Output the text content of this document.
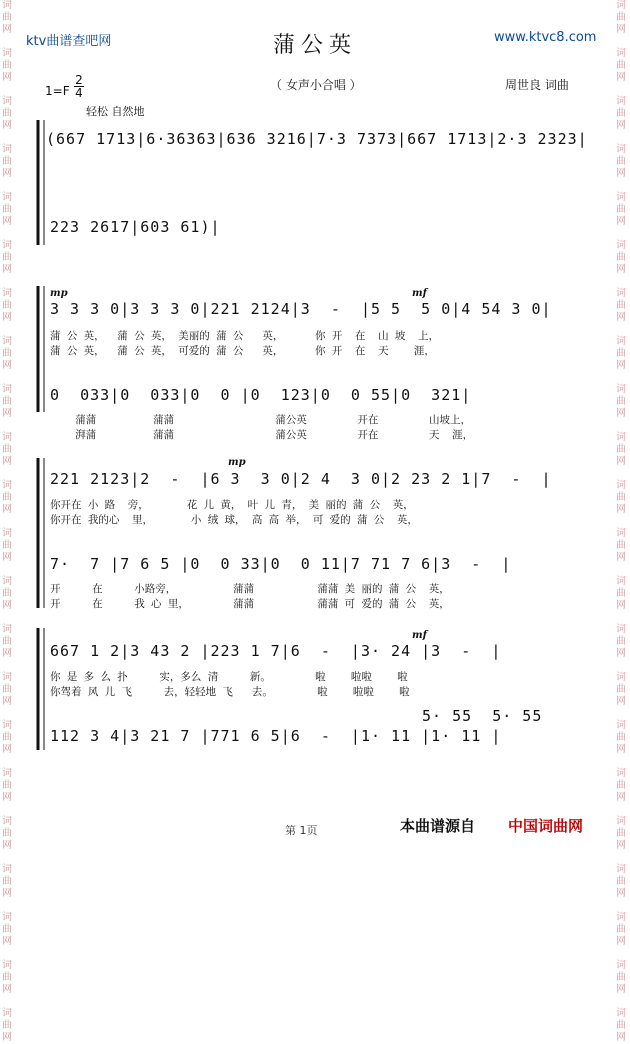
词
曲
网

词
曲
网

词
曲
网

词
曲
网

词
曲
网

词
曲
网

词
曲
网

词
曲
网

词
曲
网

词
曲
网

词
曲
网

词
曲
网

词
曲
网

词
曲
网

词
曲
网

词
曲
网

词
曲
网

词
曲
网

词
曲
网

词
曲
网

词
曲
网

词
曲
网

词
曲
网

词
曲
网

词
曲
网

词
曲
网

词
曲
网

词
曲
网

词
曲
网

词
曲
网

词
曲
网

词
曲
网

词
曲
网

词
曲
网

词
曲
网

词
曲
网

词
曲
网

词
曲
网

词
曲
网

词
曲
网

词
曲
网

词
曲
网

词
曲
网

词
曲
网

ktv曲谱查吧网	www.ktvc8.com
蒲公英
（ 女声小合唱 ）	周世良 词曲
1=F
2
4
轻松 自然地
(667 1713|6·36363|636 3216|7·3 7373|667 1713|2·3 2323|
223 2617|603 61)|
mp	mf
3 3 3 0|3 3 3 0|221 2124|3  -  |5 5  5 0|4 54 3 0|
蒲 公 英，  蒲 公 英， 美丽的 蒲 公   英，     你 开  在  山 坡  上，
蒲 公 英，  蒲 公 英， 可爱的 蒲 公   英，     你 开  在  天    涯，
0  033|0  033|0  0 |0  123|0  0 55|0  321|
蒲蒲         蒲蒲                蒲公英        开在        山坡上，
湃蒲         蒲蒲                蒲公英        开在        天  涯，
mp
221 2123|2  -  |6 3  3 0|2 4  3 0|2 23 2 1|7  -  |
你开在 小 路  旁，      花 儿 黄， 叶 儿 青， 美 丽的 蒲 公  英，
你开在 我的心  里，      小 绒 球， 高 高 举， 可 爱的 蒲 公  英，
7·  7 |7 6 5 |0  0 33|0  0 11|7 71 7 6|3  -  |
开     在     小路旁，         蒲蒲          蒲蒲 美 丽的 蒲 公  英，
开     在     我 心 里，       蒲蒲          蒲蒲 可 爱的 蒲 公  英，
mf
667 1 2|3 43 2 |223 1 7|6  -  |3· 24 |3  -  |
你 是 多 么 扑     实，多么 清     新。       啦    啦啦    啦
你驾着 风 儿 飞     去，轻轻地 飞   去。       啦    啦啦    啦
5· 55  5· 55
112 3 4|3 21 7 |771 6 5|6  -  |1· 11 |1· 11 |
第 1页	本曲谱源自 中国词曲网
